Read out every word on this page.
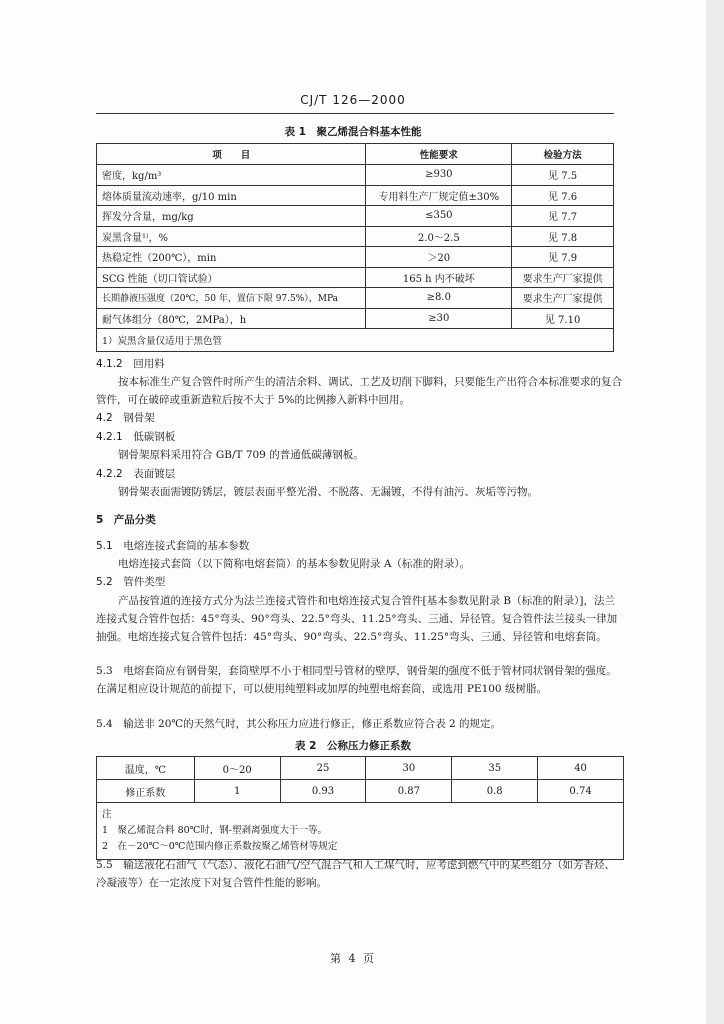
CJ/T 126—2000
表 1　聚乙烯混合料基本性能
项　　目	性能要求	检验方法
密度，kg/m³	≥930	见 7.5
熔体质量流动速率，g/10 min	专用料生产厂规定值±30%	见 7.6
挥发分含量，mg/kg	≤350	见 7.7
炭黑含量¹⁾，%	2.0～2.5	见 7.8
热稳定性（200℃），min	＞20	见 7.9
SCG 性能（切口管试验）	165 h 内不破坏	要求生产厂家提供
长期静液压强度（20℃，50 年，置信下限 97.5%），MPa	≥8.0	要求生产厂家提供
耐气体组分（80℃，2MPa），h	≥30	见 7.10
1）炭黑含量仅适用于黑色管		
4.1.2　回用料
按本标准生产复合管件时所产生的清洁余料、调试、工艺及切削下脚料，只要能生产出符合本标准要求的复合管件，可在破碎或重新造粒后按不大于 5%的比例掺入新料中回用。
4.2　钢骨架
4.2.1　低碳钢板
钢骨架原料采用符合 GB/T 709 的普通低碳薄钢板。
4.2.2　表面镀层
钢骨架表面需镀防锈层，镀层表面平整光滑、不脱落、无漏镀，不得有油污、灰垢等污物。
5　产品分类
5.1　电熔连接式套筒的基本参数
电熔连接式套筒（以下简称电熔套筒）的基本参数见附录 A（标准的附录）。
5.2　管件类型
产品按管道的连接方式分为法兰连接式管件和电熔连接式复合管件[基本参数见附录 B（标准的附录）]，法兰连接式复合管件包括：45°弯头、90°弯头、22.5°弯头、11.25°弯头、三通、异径管。复合管件法兰接头一律加抽强。电熔连接式复合管件包括：45°弯头、90°弯头、22.5°弯头、11.25°弯头、三通、异径管和电熔套筒。
5.3　电熔套筒应有钢骨架，套筒壁厚不小于相同型号管材的壁厚，钢骨架的强度不低于管材同状钢骨架的强度。在满足相应设计规范的前提下，可以使用纯塑料或加厚的纯塑电熔套筒，或选用 PE100 级树脂。
5.4　输送非 20℃的天然气时，其公称压力应进行修正，修正系数应符合表 2 的规定。
表 2　公称压力修正系数
温度，℃	0～20	25	30	35	40
修正系数	1	0.93	0.87	0.8	0.74

注
1　聚乙烯混合料 80℃时，钢-塑剥离强度大于一等。
2　在－20℃～0℃范围内修正系数按聚乙烯管材等规定					
5.5　输送液化石油气（气态）、液化石油气/空气混合气和人工煤气时，应考虑到燃气中的某些组分（如芳香烃、冷凝液等）在一定浓度下对复合管件性能的影响。
第 4 页
